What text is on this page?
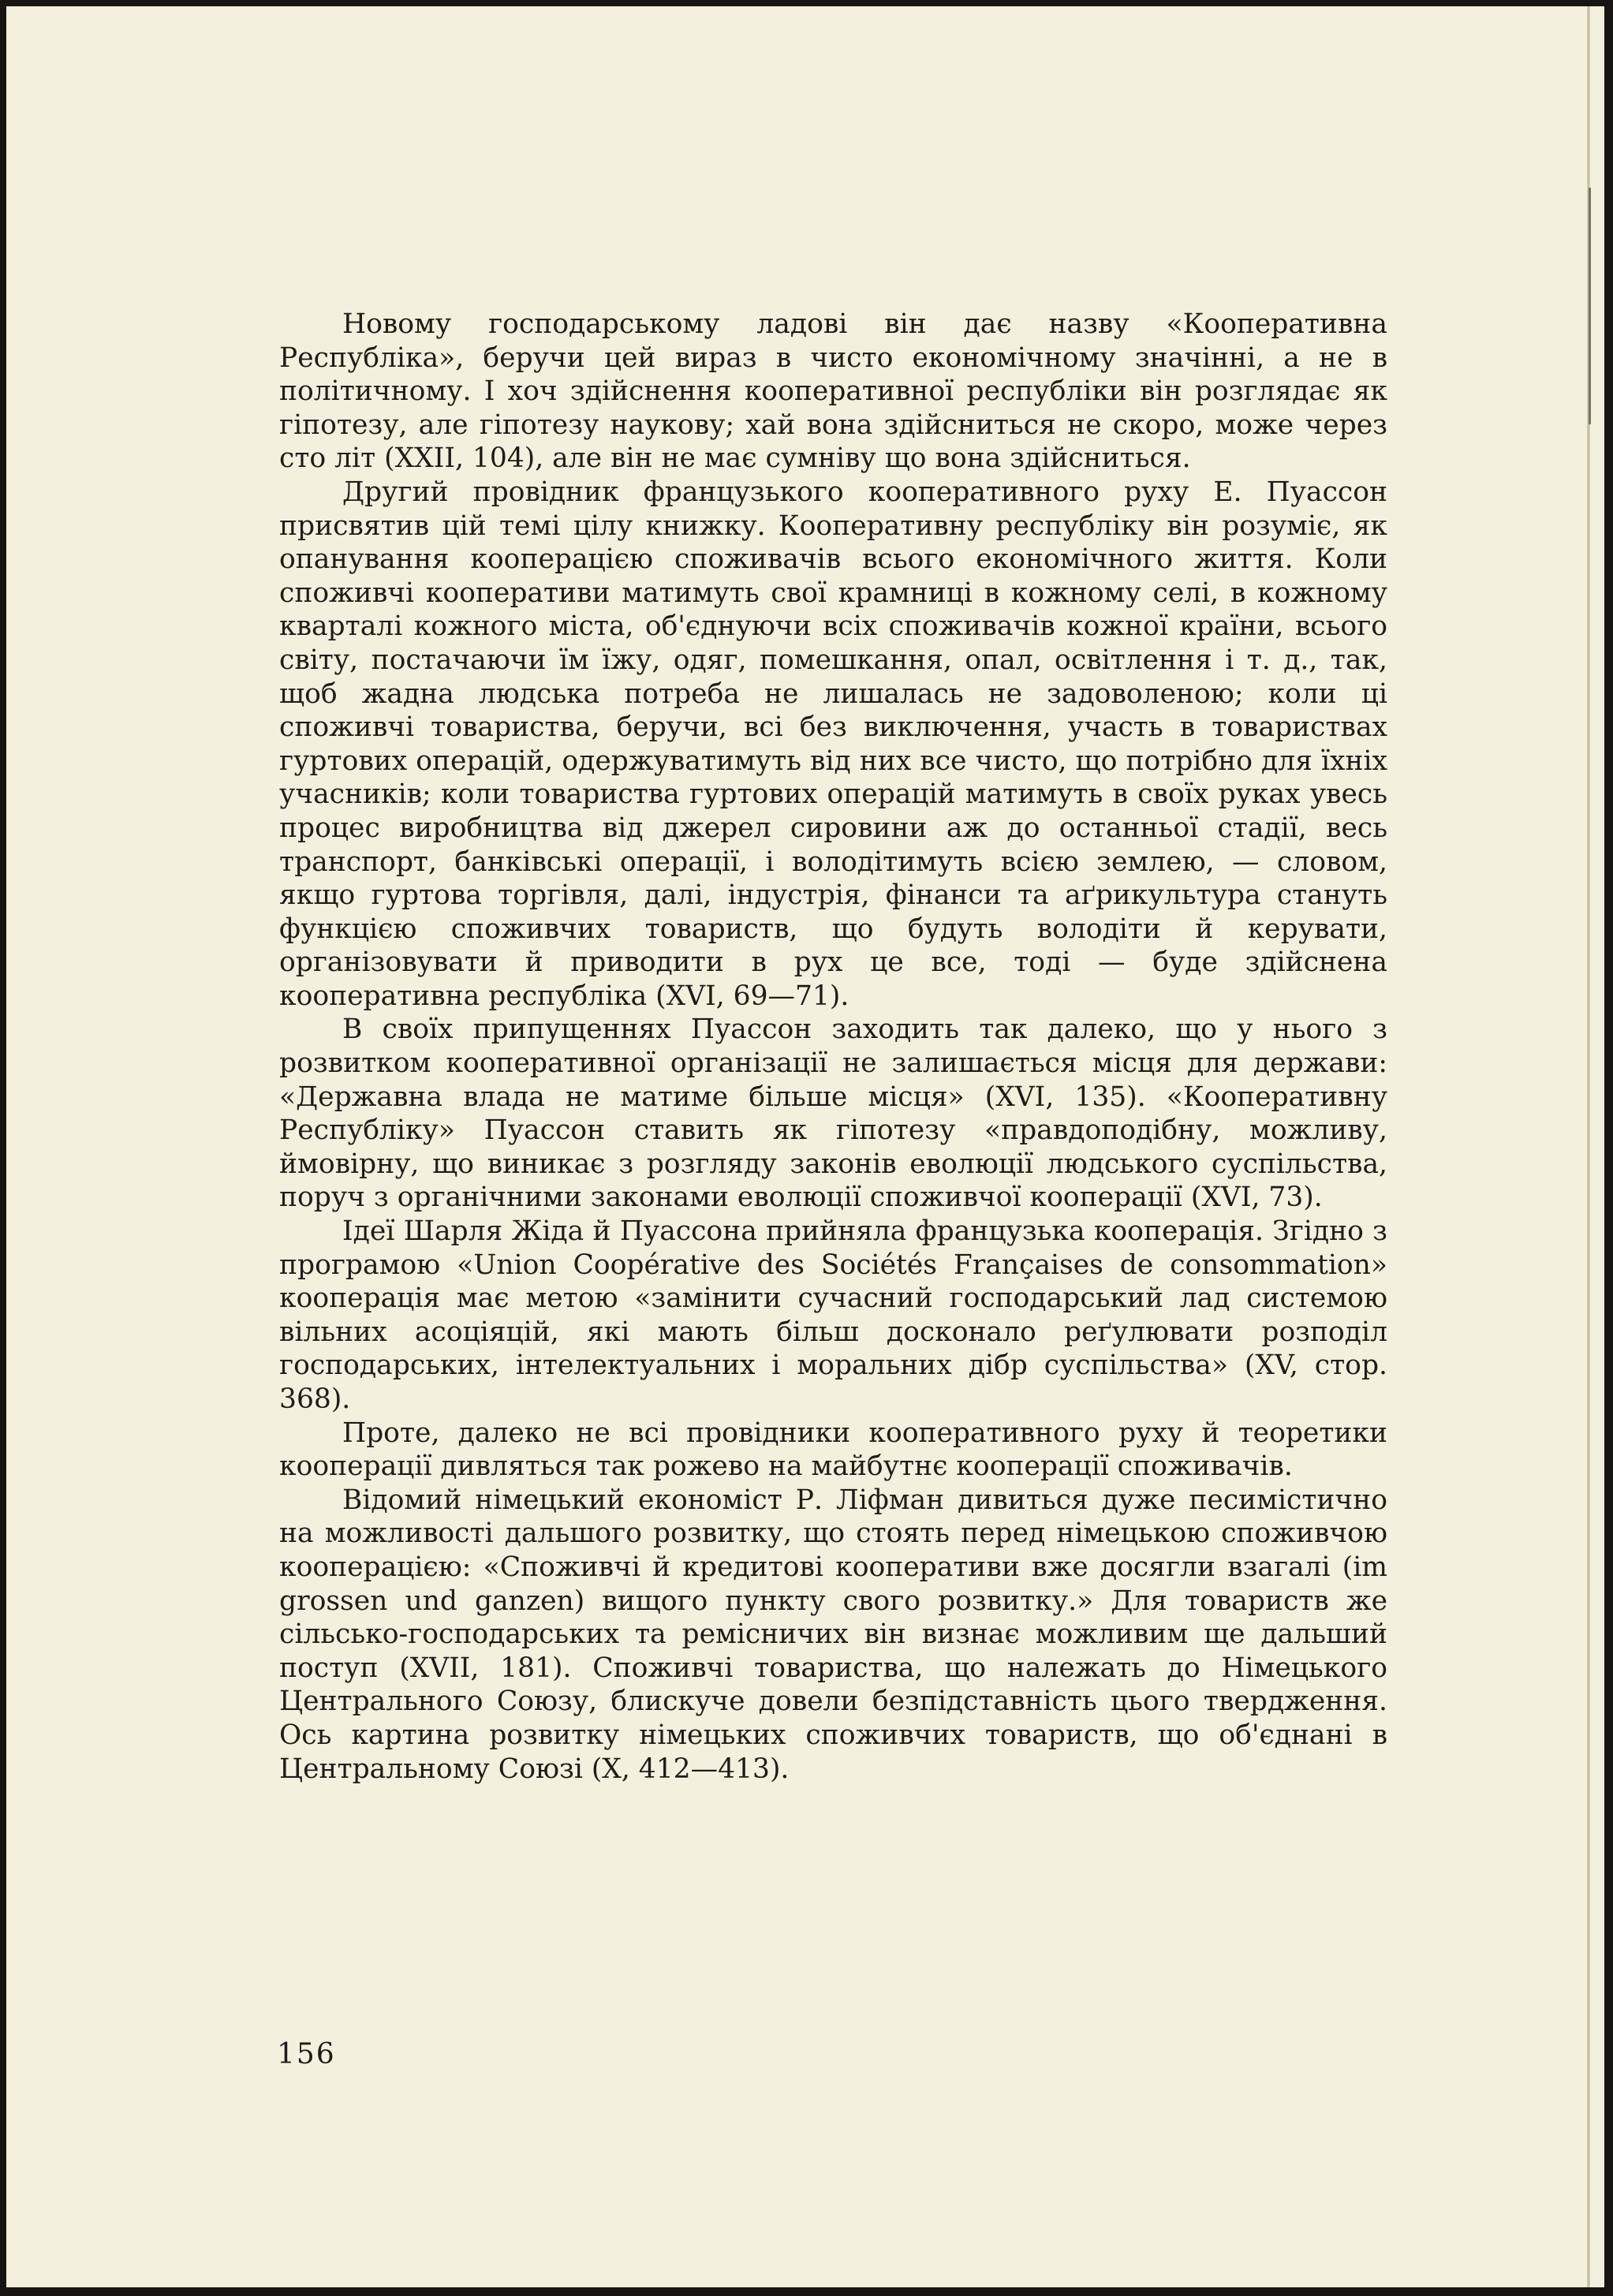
Новому господарському ладові він дає назву «Кооперативна Республіка», беручи цей вираз в чисто економічному значінні, а не в політичному. І хоч здійснення кооперативної республіки він розглядає як гіпотезу, але гіпотезу наукову; хай вона здійсниться не скоро, може через сто літ (XXII, 104), але він не має сумніву що вона здійсниться.

Другий провідник французького кооперативного руху Е. Пуассон присвятив цій темі цілу книжку. Кооперативну республіку він розуміє, як опанування кооперацією споживачів всього економічного життя. Коли споживчі кооперативи матимуть свої крамниці в кожному селі, в кожному кварталі кожного міста, об'єднуючи всіх споживачів кожної країни, всього світу, постачаючи їм їжу, одяг, помешкання, опал, освітлення і т. д., так, щоб жадна людська потреба не лишалась не задоволеною; коли ці споживчі товариства, беручи, всі без виключення, участь в товариствах гуртових операцій, одержуватимуть від них все чисто, що потрібно для їхніх учасників; коли товариства гуртових операцій матимуть в своїх руках увесь процес виробництва від джерел сировини аж до останньої стадії, весь транспорт, банківські операції, і володітимуть всією землею, — словом, якщо гуртова торгівля, далі, індустрія, фінанси та аґрикультура стануть функцією споживчих товариств, що будуть володіти й керувати, організовувати й приводити в рух це все, тоді — буде здійснена кооперативна республіка (XVI, 69—71).

В своїх припущеннях Пуассон заходить так далеко, що у нього з розвитком кооперативної організації не залишається місця для держави: «Державна влада не матиме більше місця» (XVI, 135). «Кооперативну Республіку» Пуассон ставить як гіпотезу «правдоподібну, можливу, ймовірну, що виникає з розгляду законів еволюції людського суспільства, поруч з органічними законами еволюції споживчої кооперації (XVI, 73).

Ідеї Шарля Жіда й Пуассона прийняла французька кооперація. Згідно з програмою «Union Coopérative des Sociétés Françaises de consommation» кооперація має метою «замінити сучасний господарський лад системою вільних асоціяцій, які мають більш досконало реґулювати розподіл господарських, інтелектуальних і моральних дібр суспільства» (XV, стор. 368).

Проте, далеко не всі провідники кооперативного руху й теоретики кооперації дивляться так рожево на майбутнє кооперації споживачів.

Відомий німецький економіст Р. Ліфман дивиться дуже песимістично на можливості дальшого розвитку, що стоять перед німецькою споживчою кооперацією: «Споживчі й кредитові кооперативи вже досягли взагалі (im grossen und ganzen) вищого пункту свого розвитку.» Для товариств же сільсько-господарських та ремісничих він визнає можливим ще дальший поступ (XVII, 181). Споживчі товариства, що належать до Німецького Центрального Союзу, блискуче довели безпідставність цього твердження. Ось картина розвитку німецьких споживчих товариств, що об'єднані в Центральному Союзі (X, 412—413).

156
